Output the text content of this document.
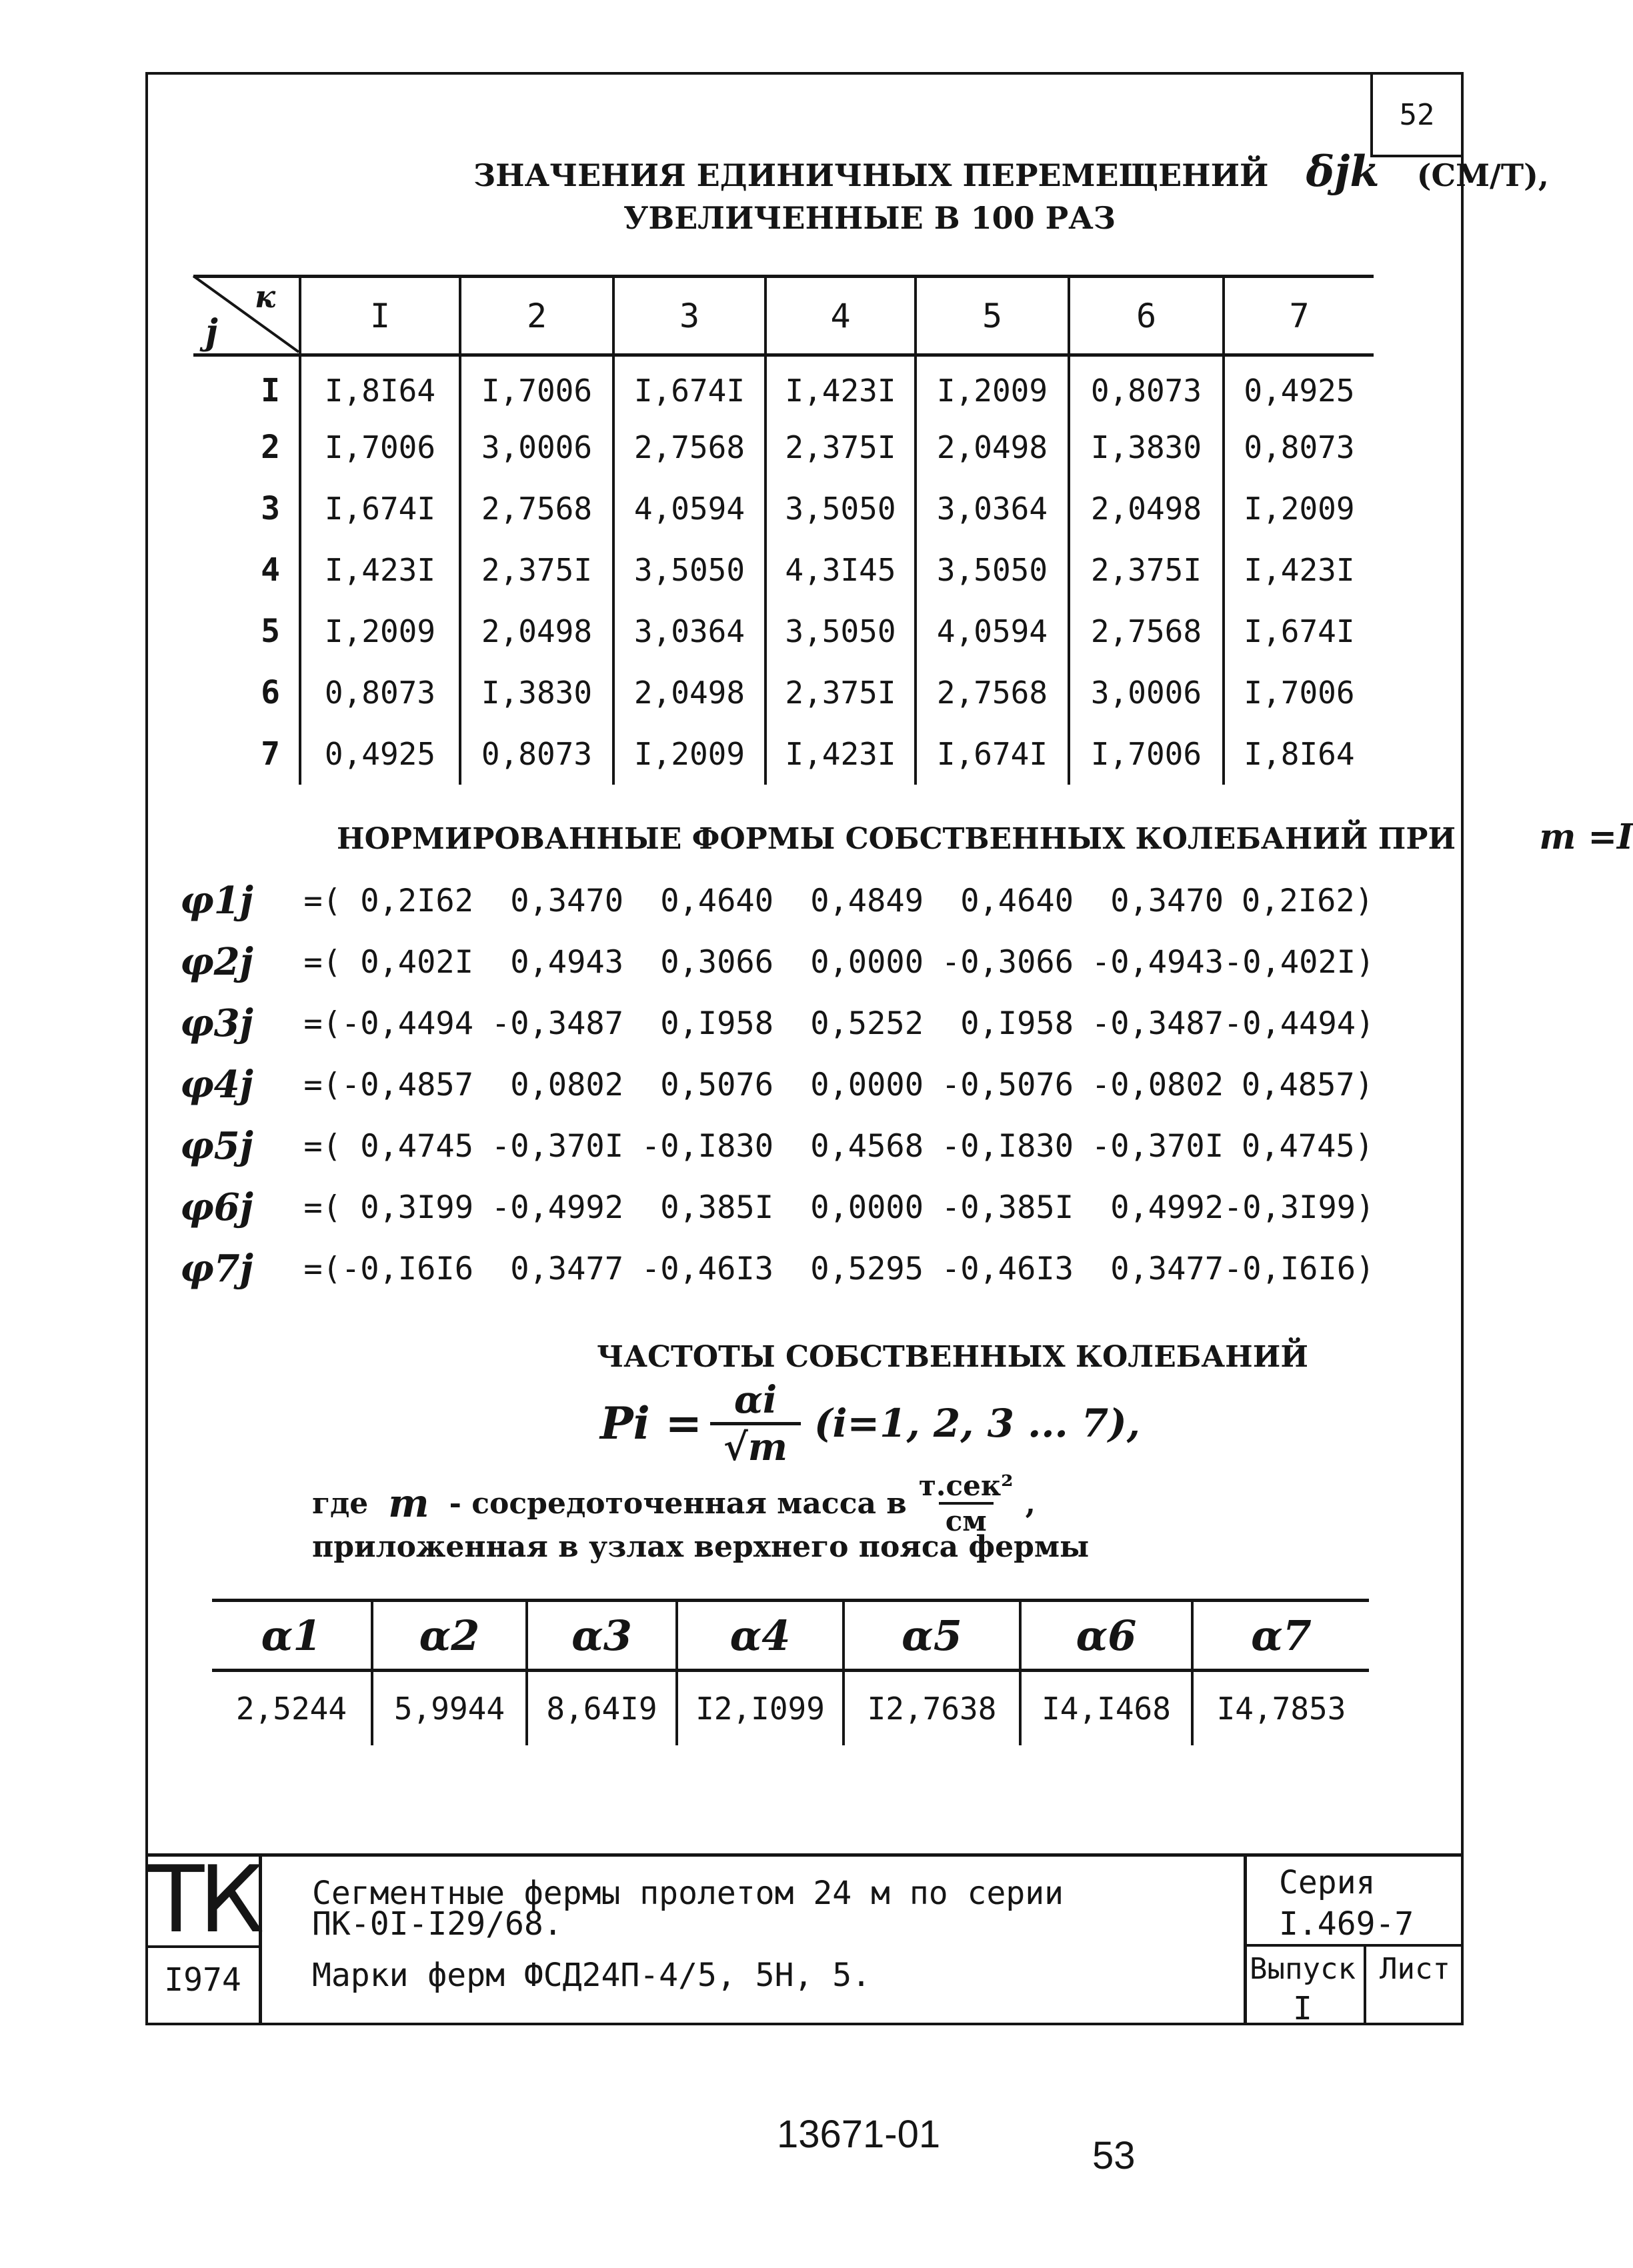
52
ЗНАЧЕНИЯ ЕДИНИЧНЫХ ПЕРЕМЕЩЕНИЙ δjk (СМ/Т),
УВЕЛИЧЕННЫЕ В 100 РАЗ
к
j
		I	2	3	4	5	6	7
I	I,8I64	I,7006	I,674I	I,423I	I,2009	0,8073	0,4925
2	I,7006	3,0006	2,7568	2,375I	2,0498	I,3830	0,8073
3	I,674I	2,7568	4,0594	3,5050	3,0364	2,0498	I,2009
4	I,423I	2,375I	3,5050	4,3I45	3,5050	2,375I	I,423I
5	I,2009	2,0498	3,0364	3,5050	4,0594	2,7568	I,674I
6	0,8073	I,3830	2,0498	2,375I	2,7568	3,0006	I,7006
7	0,4925	0,8073	I,2009	I,423I	I,674I	I,7006	I,8I64
НОРМИРОВАННЫЕ ФОРМЫ СОБСТВЕННЫХ КОЛЕБАНИЙ ПРИ m =I
φ1j	=( 0,2I62	0,3470	0,4640	0,4849	0,4640	0,3470 0,2I62)
φ2j	=( 0,402I	0,4943	0,3066	0,0000 -0,3066 -0,4943 -0,402I)
φ3j	=(-0,4494 -0,3487	0,I958	0,5252	0,I958 -0,3487 -0,4494)
φ4j	=(-0,4857	0,0802	0,5076	0,0000 -0,5076 -0,0802 0,4857)
φ5j	=( 0,4745 -0,370I -0,I830	0,4568 -0,I830 -0,370I 0,4745)
φ6j	=( 0,3I99 -0,4992	0,385I	0,0000 -0,385I	0,4992 -0,3I99)
φ7j	=(-0,I6I6	0,3477 -0,46I3	0,5295 -0,46I3	0,3477 -0,I6I6)
ЧАСТОТЫ СОБСТВЕННЫХ КОЛЕБАНИЙ
$Pi = \frac{\alpha i}{√m} (i=1$, 2, 3 ... 7),
где m - сосредоточенная масса в
т.сек²
см
,
приложенная в узлах верхнего пояса фермы
α1	α2	α3	α4	α5	α6	α7
2,5244	5,9944	8,64I9	I2,I099	I2,7638	I4,I468	I4,7853
ТК
I974
Сегментные фермы пролетом 24 м по серии
ПК-0I-I29/68.
Марки ферм ФСД24П-4/5, 5Н, 5.
Серия
I.469-7
Выпуск
I
Лист
13671-01	53
